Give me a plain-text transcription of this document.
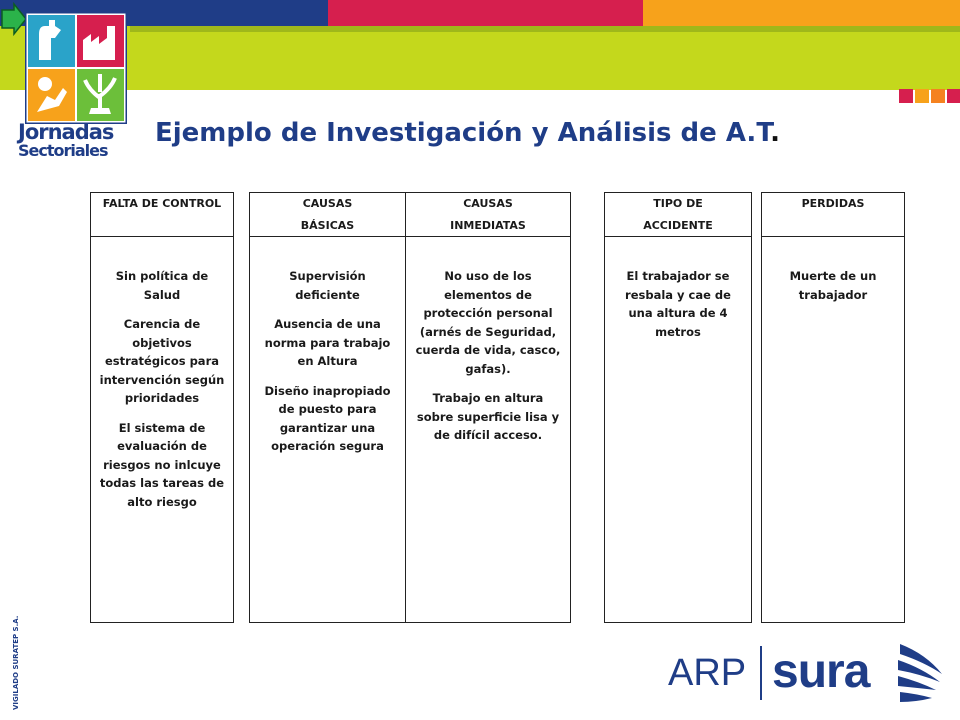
Jornadas
Sectoriales
Ejemplo de Investigación y Análisis de A.T.
FALTA DE CONTROL

Sin política de Salud

Carencia de objetivos estratégicos para intervención según prioridades

El sistema de evaluación de riesgos no inlcuye todas las tareas de alto riesgo

CAUSAS
BÁSICAS

Supervisión deficiente

Ausencia de una norma para trabajo en Altura

Diseño inapropiado de puesto para garantizar una operación segura

CAUSAS
INMEDIATAS

No uso de los elementos de protección personal (arnés de Seguridad, cuerda de vida, casco, gafas).

Trabajo en altura sobre superficie lisa y de difícil acceso.

TIPO DE
ACCIDENTE

El trabajador se resbala y cae de una altura de 4 metros

PERDIDAS

Muerte de un trabajador

VIGILADO SURATEP S.A.	ARP sura
